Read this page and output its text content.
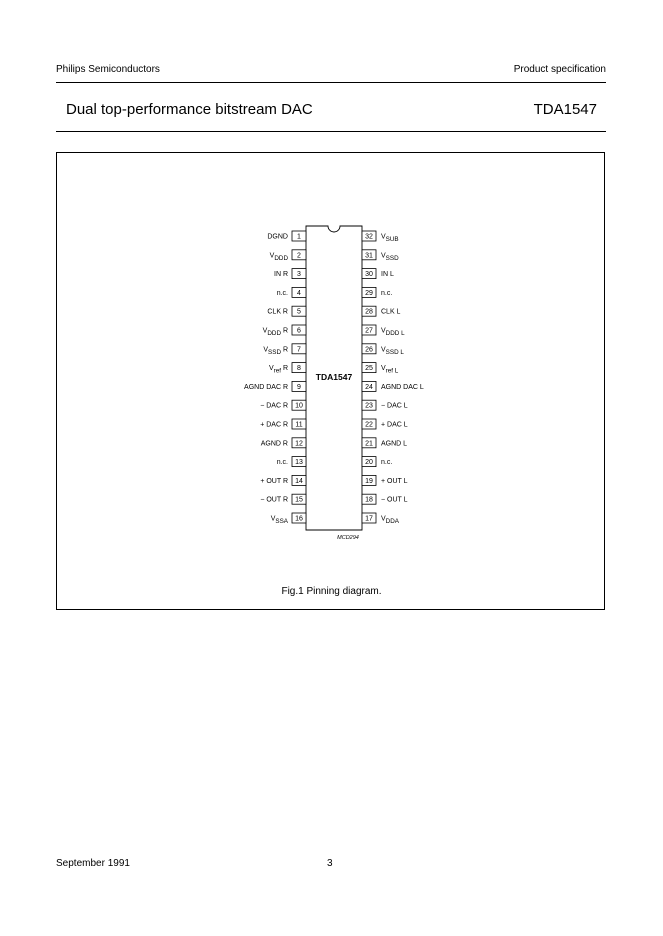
Philips Semiconductors	Product specification
Dual top-performance bitstream DAC	TDA1547
TDA1547
MCD294
1
DGND
2
VDDD
3
IN R
4
n.c.
5
CLK R
6
VDDD R
7
VSSD R
8
Vref R
9
AGND DAC R
10
− DAC R
11
+ DAC R
12
AGND R
13
n.c.
14
+ OUT R
15
− OUT R
16
VSSA
32 VSUB
31 VSSD
30 IN L
29 n.c.
28 CLK L
27 VDDD L
26 VSSD L
25 Vref L
24 AGND DAC L
23 − DAC L
22 + DAC L
21 AGND L
20 n.c.
19 + OUT L
18 − OUT L
17 VDDA
Fig.1 Pinning diagram.
September 1991	3
